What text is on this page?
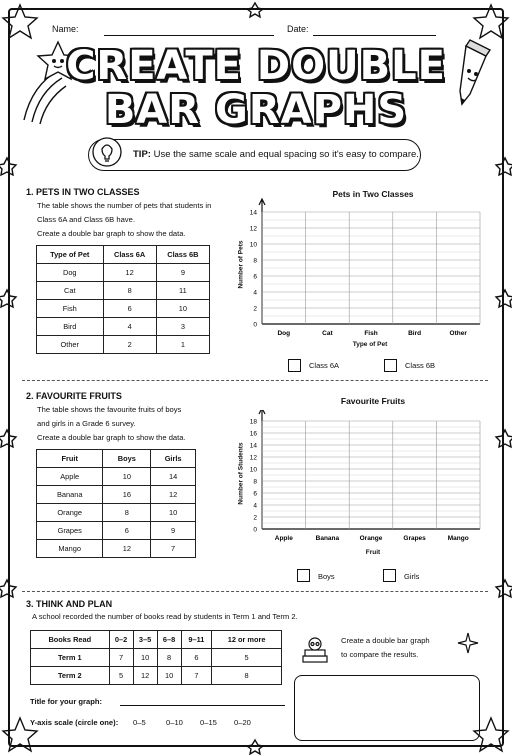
Name:	Date:
CREATE DOUBLE
BAR GRAPHS
TIP: Use the same scale and equal spacing so it's easy to compare.
1. PETS IN TWO CLASSES
The table shows the number of pets that students in
Class 6A and Class 6B have.
Create a double bar graph to show the data.
Type of Pet	Class 6A	Class 6B
Dog	12	9
Cat	8	11
Fish	6	10
Bird	4	3
Other	2	1
Pets in Two Classes
0
2
4
6
8
10
12
14
Dog	Cat	Fish	Bird	Other
Number of Pets
Type of Pet
Class 6A	Class 6B
2. FAVOURITE FRUITS
The table shows the favourite fruits of boys
and girls in a Grade 6 survey.
Create a double bar graph to show the data.
Fruit	Boys	Girls
Apple	10	14
Banana	16	12
Orange	8	10
Grapes	6	9
Mango	12	7
Favourite Fruits
0
2
4
6
8
10
12
14
16
18
Apple	Banana	Orange	Grapes	Mango
Number of Students
Fruit
Boys	Girls
3. THINK AND PLAN
A school recorded the number of books read by students in Term 1 and Term 2.
Books Read	0–2	3–5	6–8	9–11	12 or more
Term 1	7	10	8	6	5
Term 2	5	12	10	7	8
Title for your graph:
Y-axis scale (circle one): 0–5	0–10 0–15 0–20
Create a double bar graph
to compare the results.
